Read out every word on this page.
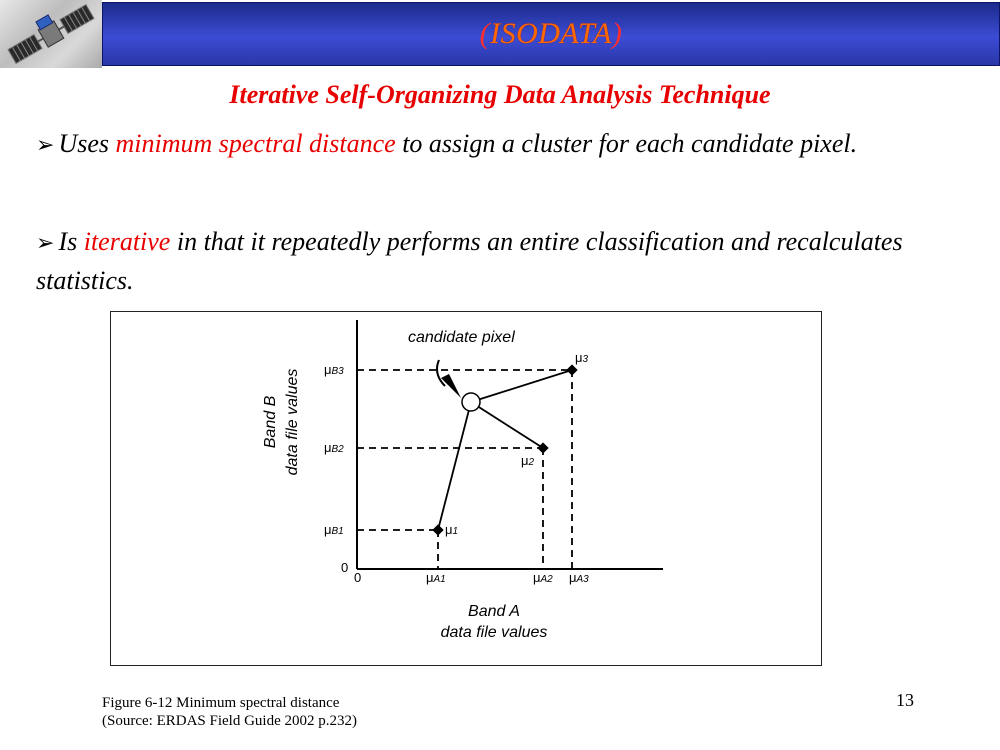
(ISODATA)
Iterative Self-Organizing Data Analysis Technique
➢ Uses minimum spectral distance to assign a cluster for each candidate pixel.
➢ Is iterative in that it repeatedly performs an entire classification and recalculates statistics.
candidate pixel
μB3
μB2
μB1
0
0	μA1	μA2 μA3
μ3
μ2
μ1
Band B data file values
Band A
data file values
Figure 6-12 Minimum spectral distance
(Source: ERDAS Field Guide 2002 p.232)
13
